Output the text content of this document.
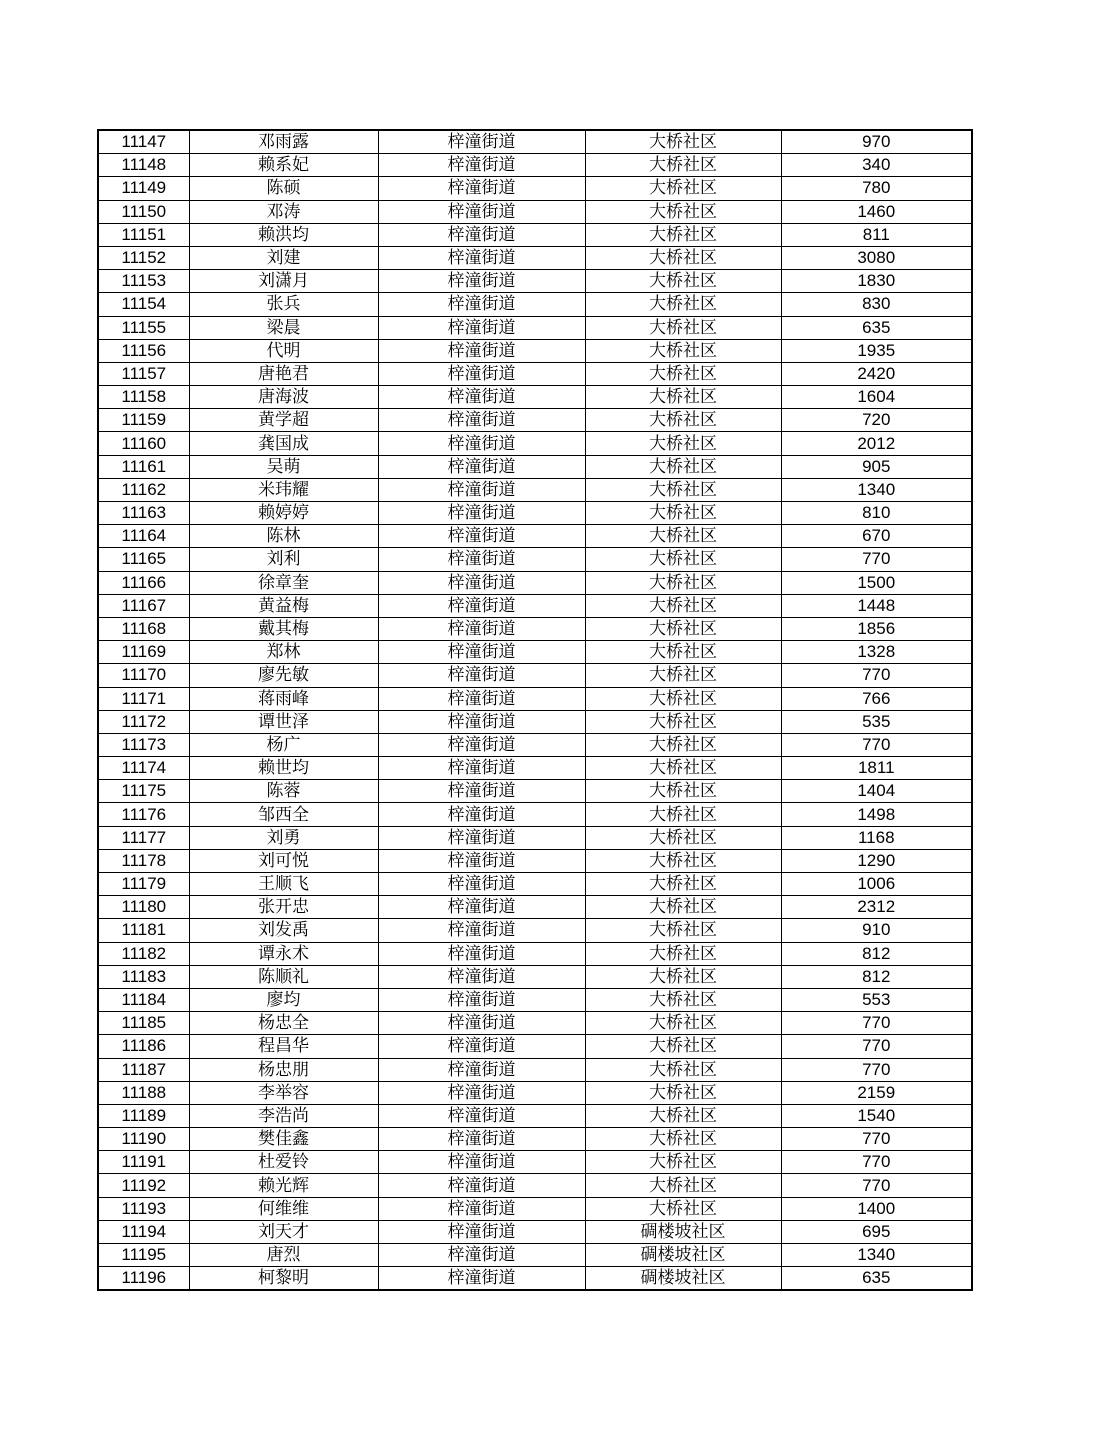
11147	邓雨露	梓潼街道	大桥社区	970
11148	赖系妃	梓潼街道	大桥社区	340
11149	陈硕	梓潼街道	大桥社区	780
11150	邓涛	梓潼街道	大桥社区	1460
11151	赖洪均	梓潼街道	大桥社区	811
11152	刘建	梓潼街道	大桥社区	3080
11153	刘潇月	梓潼街道	大桥社区	1830
11154	张兵	梓潼街道	大桥社区	830
11155	梁晨	梓潼街道	大桥社区	635
11156	代明	梓潼街道	大桥社区	1935
11157	唐艳君	梓潼街道	大桥社区	2420
11158	唐海波	梓潼街道	大桥社区	1604
11159	黄学超	梓潼街道	大桥社区	720
11160	龚国成	梓潼街道	大桥社区	2012
11161	吴萌	梓潼街道	大桥社区	905
11162	米玮耀	梓潼街道	大桥社区	1340
11163	赖婷婷	梓潼街道	大桥社区	810
11164	陈林	梓潼街道	大桥社区	670
11165	刘利	梓潼街道	大桥社区	770
11166	徐章奎	梓潼街道	大桥社区	1500
11167	黄益梅	梓潼街道	大桥社区	1448
11168	戴其梅	梓潼街道	大桥社区	1856
11169	郑林	梓潼街道	大桥社区	1328
11170	廖先敏	梓潼街道	大桥社区	770
11171	蒋雨峰	梓潼街道	大桥社区	766
11172	谭世泽	梓潼街道	大桥社区	535
11173	杨广	梓潼街道	大桥社区	770
11174	赖世均	梓潼街道	大桥社区	1811
11175	陈蓉	梓潼街道	大桥社区	1404
11176	邹西全	梓潼街道	大桥社区	1498
11177	刘勇	梓潼街道	大桥社区	1168
11178	刘可悦	梓潼街道	大桥社区	1290
11179	王顺飞	梓潼街道	大桥社区	1006
11180	张开忠	梓潼街道	大桥社区	2312
11181	刘发禹	梓潼街道	大桥社区	910
11182	谭永术	梓潼街道	大桥社区	812
11183	陈顺礼	梓潼街道	大桥社区	812
11184	廖均	梓潼街道	大桥社区	553
11185	杨忠全	梓潼街道	大桥社区	770
11186	程昌华	梓潼街道	大桥社区	770
11187	杨忠朋	梓潼街道	大桥社区	770
11188	李举容	梓潼街道	大桥社区	2159
11189	李浩尚	梓潼街道	大桥社区	1540
11190	樊佳鑫	梓潼街道	大桥社区	770
11191	杜爱铃	梓潼街道	大桥社区	770
11192	赖光辉	梓潼街道	大桥社区	770
11193	何维维	梓潼街道	大桥社区	1400
11194	刘天才	梓潼街道	碉楼坡社区	695
11195	唐烈	梓潼街道	碉楼坡社区	1340
11196	柯黎明	梓潼街道	碉楼坡社区	635
